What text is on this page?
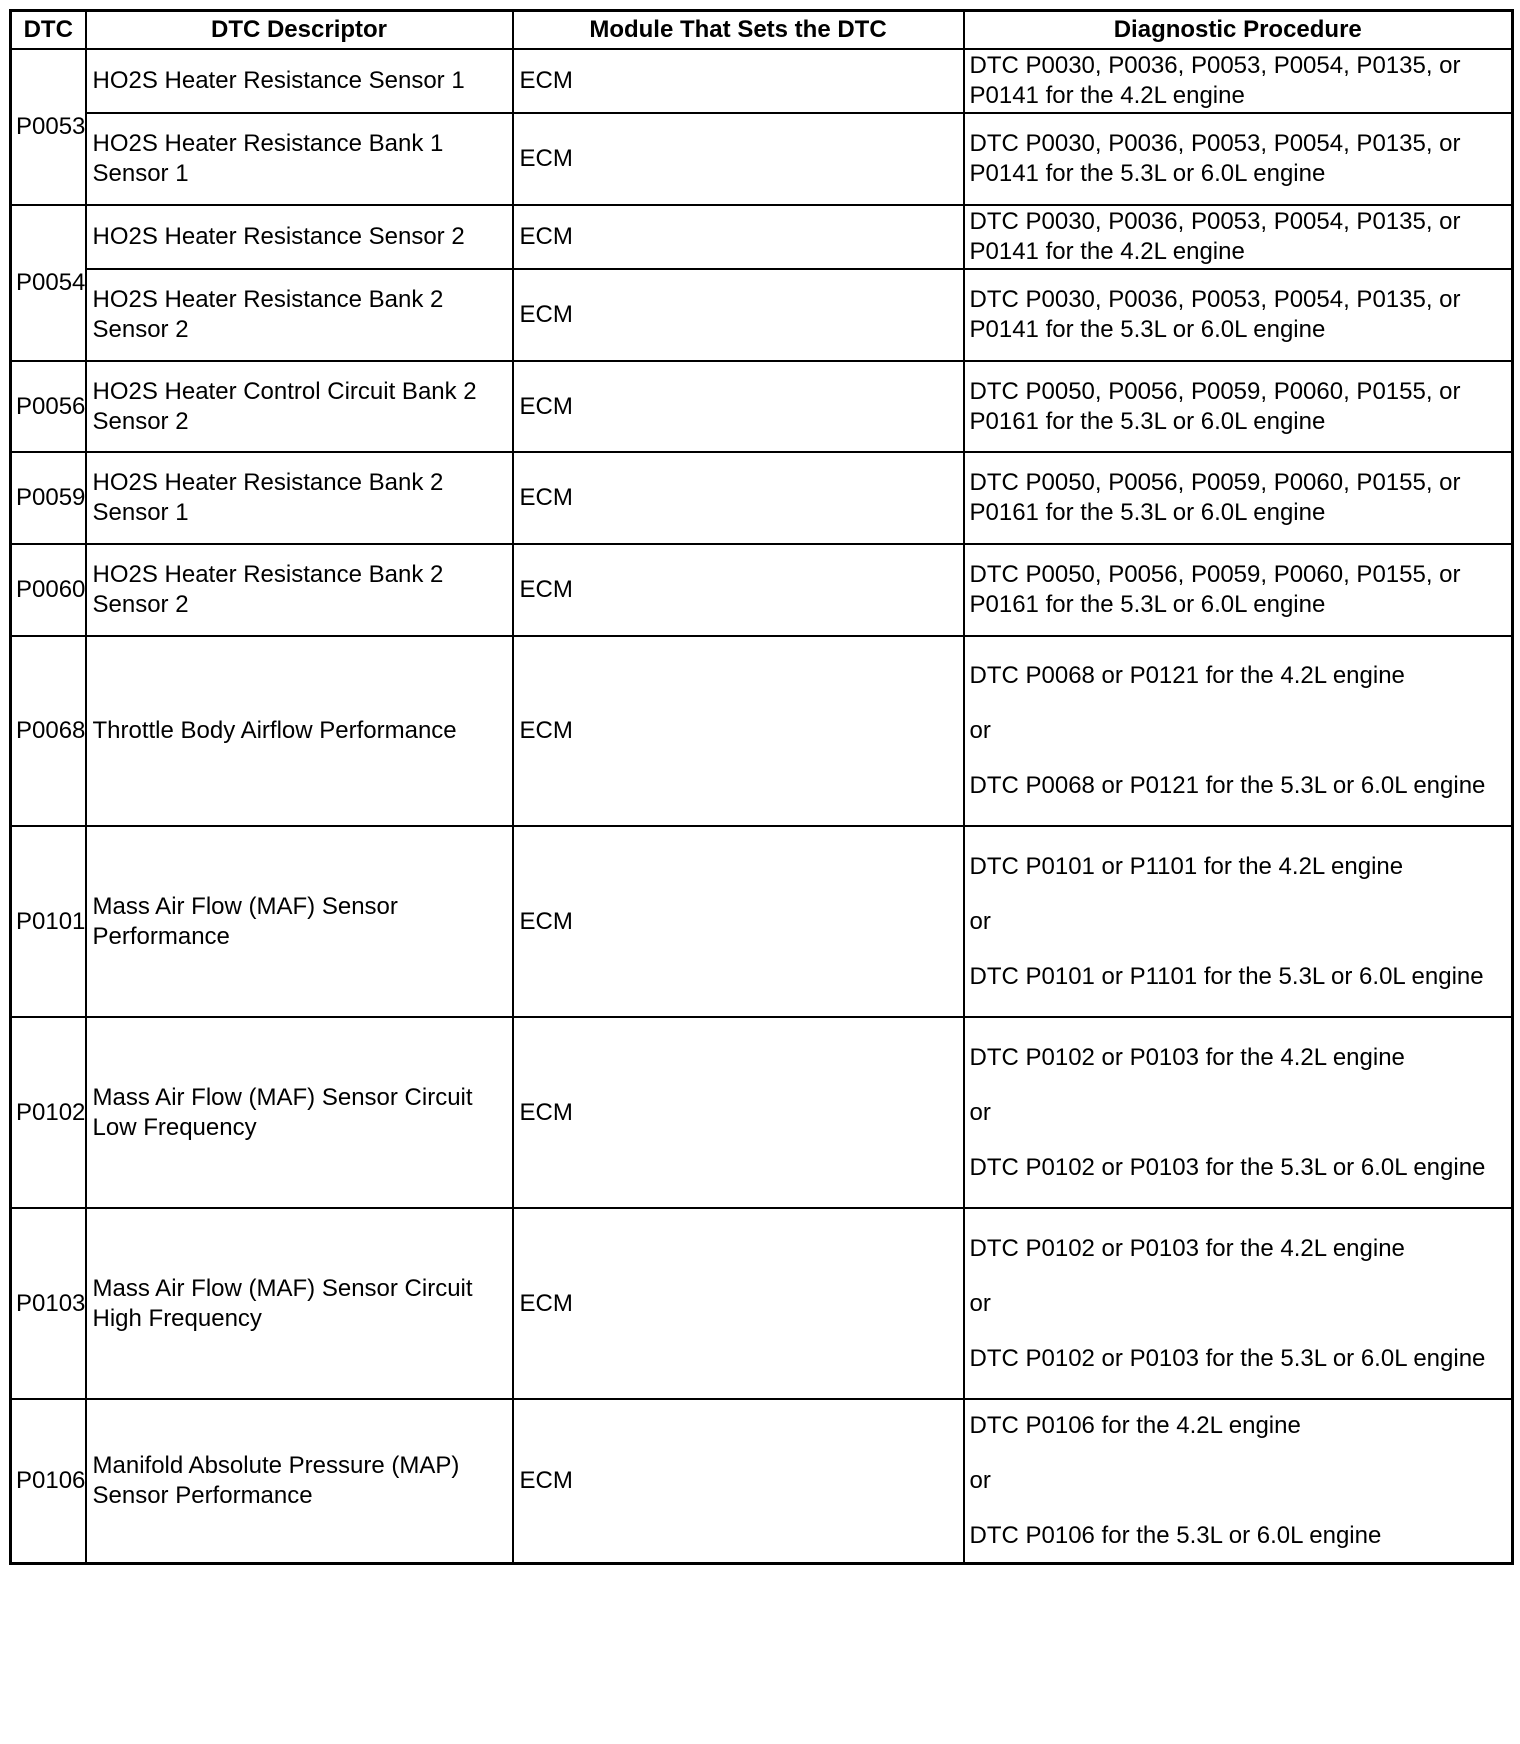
DTC	DTC Descriptor	Module That Sets the DTC	Diagnostic Procedure
P0053	HO2S Heater Resistance Sensor 1	ECM	DTC P0030, P0036, P0053, P0054, P0135, or P0141 for the 4.2L engine

	HO2S Heater Resistance Bank 1 Sensor 1	ECM	DTC P0030, P0036, P0053, P0054, P0135, or P0141 for the 5.3L or 6.0L engine

P0054	HO2S Heater Resistance Sensor 2	ECM	DTC P0030, P0036, P0053, P0054, P0135, or P0141 for the 4.2L engine

	HO2S Heater Resistance Bank 2 Sensor 2	ECM	DTC P0030, P0036, P0053, P0054, P0135, or P0141 for the 5.3L or 6.0L engine

P0056	HO2S Heater Control Circuit Bank 2 Sensor 2	ECM	DTC P0050, P0056, P0059, P0060, P0155, or P0161 for the 5.3L or 6.0L engine

P0059	HO2S Heater Resistance Bank 2 Sensor 1	ECM	DTC P0050, P0056, P0059, P0060, P0155, or P0161 for the 5.3L or 6.0L engine

P0060	HO2S Heater Resistance Bank 2 Sensor 2	ECM	DTC P0050, P0056, P0059, P0060, P0155, or P0161 for the 5.3L or 6.0L engine

P0068	Throttle Body Airflow Performance	ECM	DTC P0068 or P0121 for the 4.2L engine
or
DTC P0068 or P0121 for the 5.3L or 6.0L engine

P0101	Mass Air Flow (MAF) Sensor Performance	ECM	DTC P0101 or P1101 for the 4.2L engine
or
DTC P0101 or P1101 for the 5.3L or 6.0L engine

P0102	Mass Air Flow (MAF) Sensor Circuit Low Frequency	ECM	DTC P0102 or P0103 for the 4.2L engine
or
DTC P0102 or P0103 for the 5.3L or 6.0L engine

P0103	Mass Air Flow (MAF) Sensor Circuit High Frequency	ECM	DTC P0102 or P0103 for the 4.2L engine
or
DTC P0102 or P0103 for the 5.3L or 6.0L engine

P0106	Manifold Absolute Pressure (MAP) Sensor Performance	ECM	DTC P0106 for the 4.2L engine
or
DTC P0106 for the 5.3L or 6.0L engine
